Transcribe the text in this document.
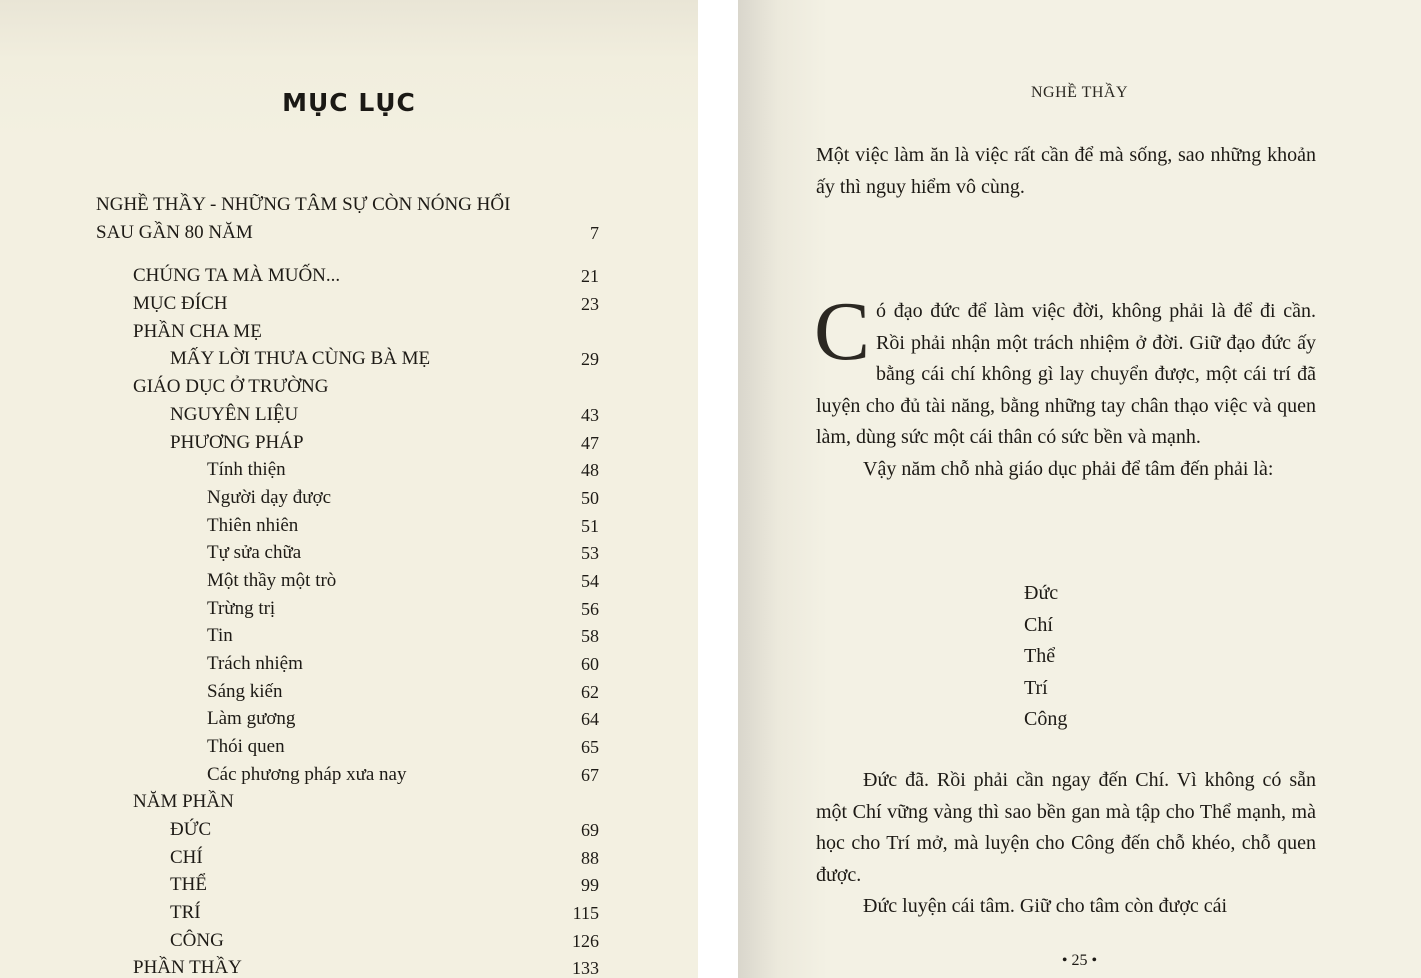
MỤC LỤC
NGHỀ THẦY - NHỮNG TÂM SỰ CÒN NÓNG HỔI
SAU GẦN 80 NĂM	7
CHÚNG TA MÀ MUỐN...	21
MỤC ĐÍCH	23
PHẦN CHA MẸ
MẤY LỜI THƯA CÙNG BÀ MẸ	29
GIÁO DỤC Ở TRƯỜNG
NGUYÊN LIỆU	43
PHƯƠNG PHÁP	47
Tính thiện	48
Người dạy được	50
Thiên nhiên	51
Tự sửa chữa	53
Một thầy một trò	54
Trừng trị	56
Tin	58
Trách nhiệm	60
Sáng kiến	62
Làm gương	64
Thói quen	65
Các phương pháp xưa nay	67
NĂM PHẦN
ĐỨC	69
CHÍ	88
THỂ	99
TRÍ	115
CÔNG	126
PHẦN THẦY	133
NGHỀ THẦY
Một việc làm ăn là việc rất cần để mà sống, sao những khoản ấy thì nguy hiểm vô cùng.
Có đạo đức để làm việc đời, không phải là để đi cần. Rồi phải nhận một trách nhiệm ở đời. Giữ đạo đức ấy bằng cái chí không gì lay chuyển được, một cái trí đã luyện cho đủ tài năng, bằng những tay chân thạo việc và quen làm, dùng sức một cái thân có sức bền và mạnh.
Vậy năm chỗ nhà giáo dục phải để tâm đến phải là:
Đức
Chí
Thể
Trí
Công
Đức đã. Rồi phải cần ngay đến Chí. Vì không có sẵn một Chí vững vàng thì sao bền gan mà tập cho Thể mạnh, mà học cho Trí mở, mà luyện cho Công đến chỗ khéo, chỗ quen được.
Đức luyện cái tâm. Giữ cho tâm còn được cái
• 25 •
